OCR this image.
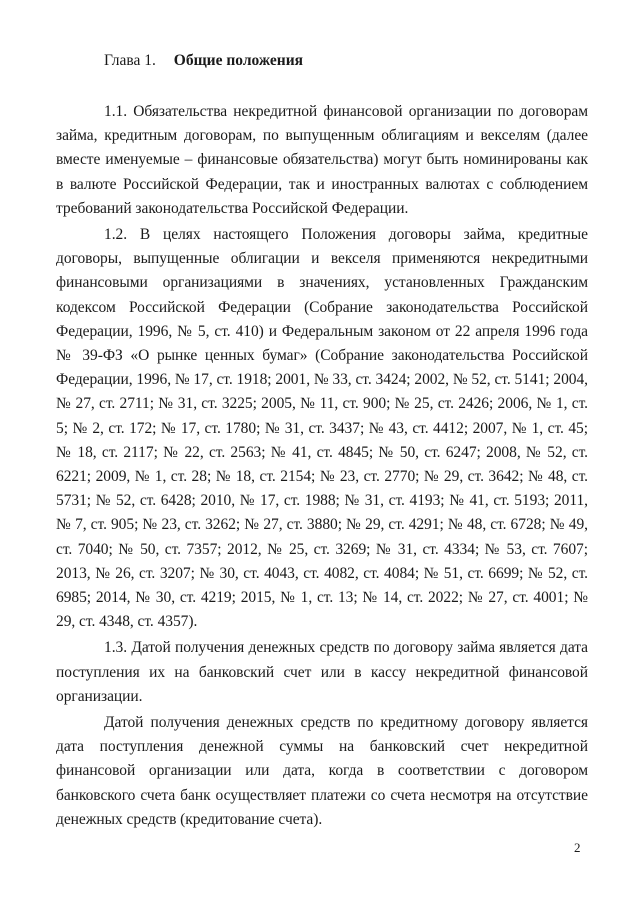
Глава 1. Общие положения

1.1. Обязательства некредитной финансовой организации по договорам займа, кредитным договорам, по выпущенным облигациям и векселям (далее вместе именуемые – финансовые обязательства) могут быть номинированы как в валюте Российской Федерации, так и иностранных валютах с соблюдением требований законодательства Российской Федерации.

1.2. В целях настоящего Положения договоры займа, кредитные договоры, выпущенные облигации и векселя применяются некредитными финансовыми организациями в значениях, установленных Гражданским кодексом Российской Федерации (Собрание законодательства Российской Федерации, 1996, № 5, ст. 410) и Федеральным законом от 22 апреля 1996 года № 39-ФЗ «О рынке ценных бумаг» (Собрание законодательства Российской Федерации, 1996, № 17, ст. 1918; 2001, № 33, ст. 3424; 2002, № 52, ст. 5141; 2004, № 27, ст. 2711; № 31, ст. 3225; 2005, № 11, ст. 900; № 25, ст. 2426; 2006, № 1, ст. 5; № 2, ст. 172; № 17, ст. 1780; № 31, ст. 3437; № 43, ст. 4412; 2007, № 1, ст. 45; № 18, ст. 2117; № 22, ст. 2563; № 41, ст. 4845; № 50, ст. 6247; 2008, № 52, ст. 6221; 2009, № 1, ст. 28; № 18, ст. 2154; № 23, ст. 2770; № 29, ст. 3642; № 48, ст. 5731; № 52, ст. 6428; 2010, № 17, ст. 1988; № 31, ст. 4193; № 41, ст. 5193; 2011, № 7, ст. 905; № 23, ст. 3262; № 27, ст. 3880; № 29, ст. 4291; № 48, ст. 6728; № 49, ст. 7040; № 50, ст. 7357; 2012, № 25, ст. 3269; № 31, ст. 4334; № 53, ст. 7607; 2013, № 26, ст. 3207; № 30, ст. 4043, ст. 4082, ст. 4084; № 51, ст. 6699; № 52, ст. 6985; 2014, № 30, ст. 4219; 2015, № 1, ст. 13; № 14, ст. 2022; № 27, ст. 4001; № 29, ст. 4348, ст. 4357).

1.3. Датой получения денежных средств по договору займа является дата поступления их на банковский счет или в кассу некредитной финансовой организации.

Датой получения денежных средств по кредитному договору является дата поступления денежной суммы на банковский счет некредитной финансовой организации или дата, когда в соответствии с договором банковского счета банк осуществляет платежи со счета несмотря на отсутствие денежных средств (кредитование счета).

2
